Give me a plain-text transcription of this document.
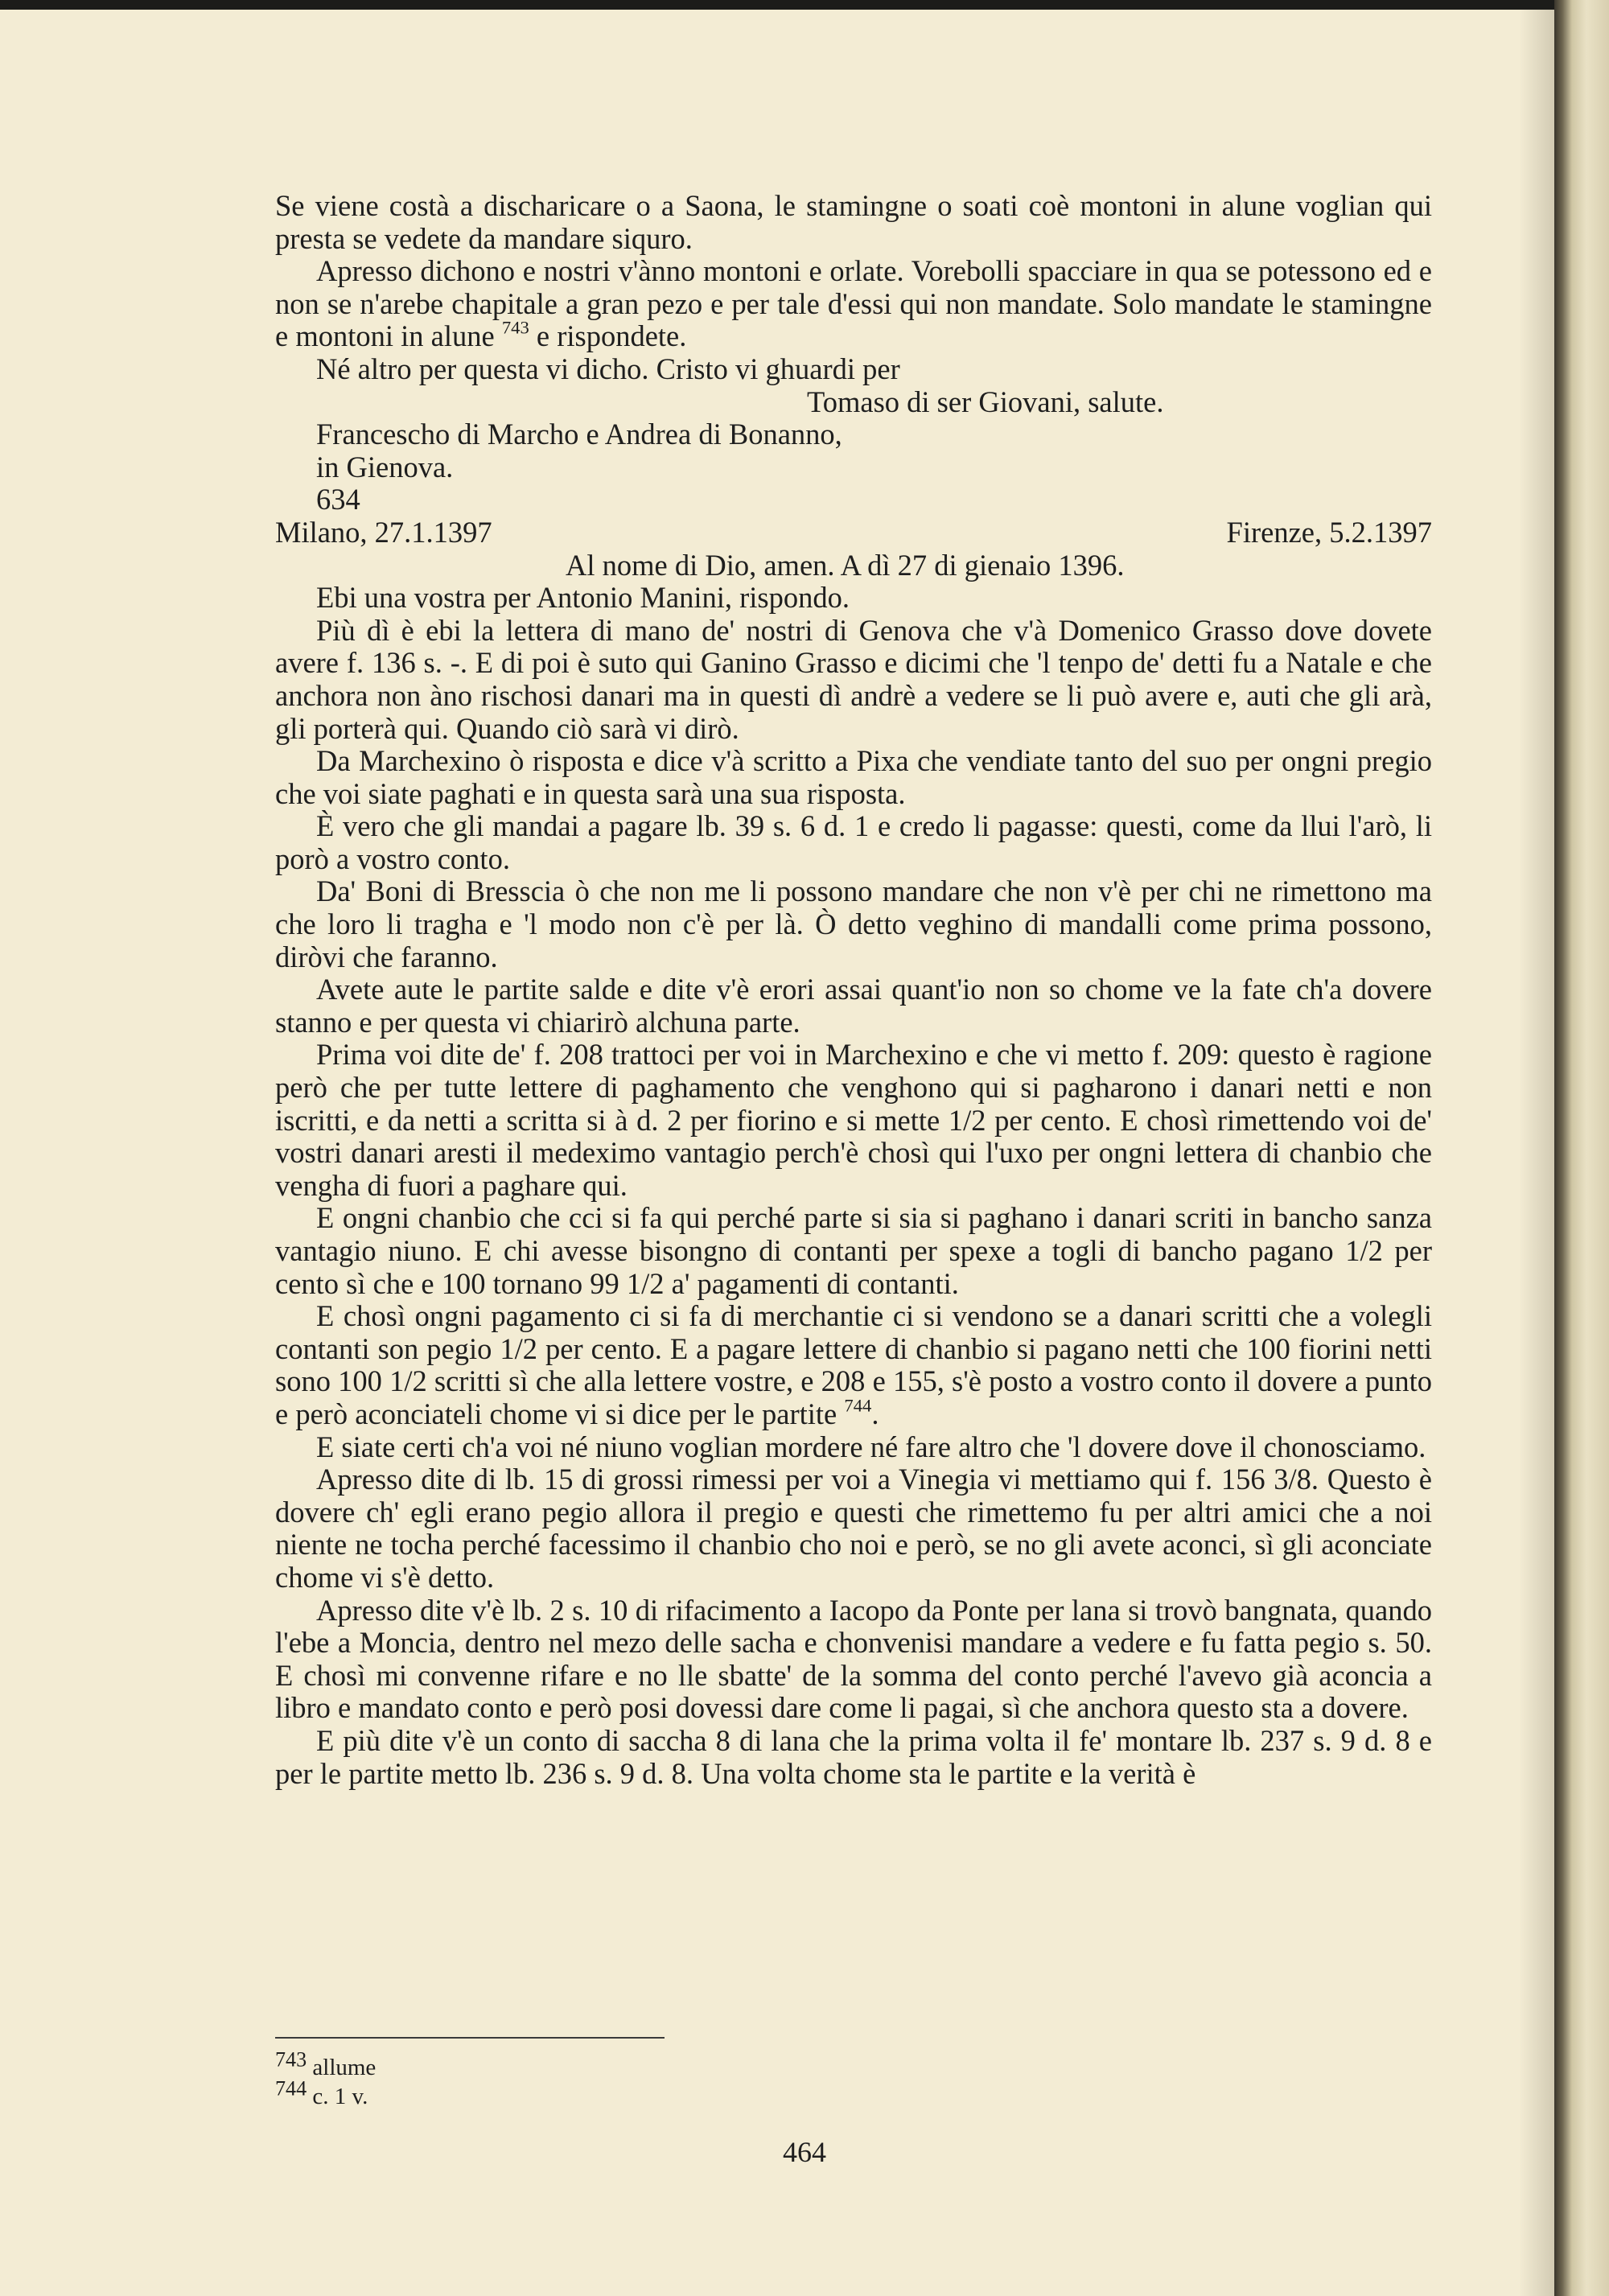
Se viene costà a dischariсare o a Saona, le stamingne o soati coè montoni in alune voglian qui presta se vedete da mandare siquro.

Apresso dichono e nostri v'ànno montoni e orlate. Vorebolli spacciare in qua se potessono ed e non se n'arebe chapitale a gran pezo e per tale d'essi qui non mandate. Solo mandate le stamingne e montoni in alune $^{743}$ e rispondete.

Né altro per questa vi dicho. Cristo vi ghuardi per

Tomaso di ser Giovani, salute.

Francescho di Marcho e Andrea di Bonanno,

in Gienova.

634

Milano, 27.1.1397	Firenze, 5.2.1397

Al nome di Dio, amen. A dì 27 di gienaio 1396.

Ebi una vostra per Antonio Manini, rispondo.

Più dì è ebi la lettera di mano de' nostri di Genova che v'à Domenico Grasso dove dovete avere f. 136 s. -. E di poi è suto qui Ganino Grasso e dicimi che 'l tenpo de' detti fu a Natale e che anchora non àno rischosi danari ma in questi dì andrè a vedere se li può avere e, auti che gli arà, gli porterà qui. Quando ciò sarà vi dirò.

Da Marchexino ò risposta e dice v'à scritto a Pixa che vendiate tanto del suo per ongni pregio che voi siate paghati e in questa sarà una sua risposta.

È vero che gli mandai a pagare lb. 39 s. 6 d. 1 e credo li pagasse: questi, come da llui l'arò, li porò a vostro conto.

Da' Boni di Bresscia ò che non me li possono mandare che non v'è per chi ne rimettono ma che loro li tragha e 'l modo non c'è per là. Ò detto veghino di mandalli come prima possono, diròvi che faranno.

Avete aute le partite salde e dite v'è erori assai quant'io non so chome ve la fate ch'a dovere stanno e per questa vi chiarirò alchuna parte.

Prima voi dite de' f. 208 trattoci per voi in Marchexino e che vi metto f. 209: questo è ragione però che per tutte lettere di paghamento che venghono qui si pagharono i danari netti e non iscritti, e da netti a scritta si à d. 2 per fiorino e si mette 1/2 per cento. E chosì rimettendo voi de' vostri danari aresti il medeximo vantagio perch'è chosì qui l'uxo per ongni lettera di chanbio che vengha di fuori a paghare qui.

E ongni chanbio che cci si fa qui perché parte si sia si paghano i danari scriti in bancho sanza vantagio niuno. E chi avesse bisongno di contanti per spexe a togli di bancho pagano 1/2 per cento sì che e 100 tornano 99 1/2 a' pagamenti di contanti.

E chosì ongni pagamento ci si fa di merchantie ci si vendono se a danari scritti che a volegli contanti son pegio 1/2 per cento. E a pagare lettere di chanbio si pagano netti che 100 fiorini netti sono 100 1/2 scritti sì che alla lettere vostre, e 208 e 155, s'è posto a vostro conto il dovere a punto e però aconciateli chome vi si dice per le partite $^{744}$.

E siate certi ch'a voi né niuno voglian mordere né fare altro che 'l dovere dove il chonosciamo.

Apresso dite di lb. 15 di grossi rimessi per voi a Vinegia vi mettiamo qui f. 156 3/8. Questo è dovere ch' egli erano pegio allora il pregio e questi che rimettemo fu per altri amici che a noi niente ne tocha perché facessimo il chanbio cho noi e però, se no gli avete aconci, sì gli aconciate chome vi s'è detto.

Apresso dite v'è lb. 2 s. 10 di rifacimento a Iacopo da Ponte per lana si trovò bangnata, quando l'ebe a Moncia, dentro nel mezo delle sacha e chonvenisi mandare a vedere e fu fatta pegio s. 50. E chosì mi convenne rifare e no lle sbatte' de la somma del conto perché l'avevo già aconcia a libro e mandato conto e però posi dovessi dare come li pagai, sì che anchora questo sta a dovere.

E più dite v'è un conto di saccha 8 di lana che la prima volta il fe' montare lb. 237 s. 9 d. 8 e per le partite metto lb. 236 s. 9 d. 8. Una volta chome sta le partite e la verità è

$^{743}$ allume

$^{744}$ c. 1 v.

464
